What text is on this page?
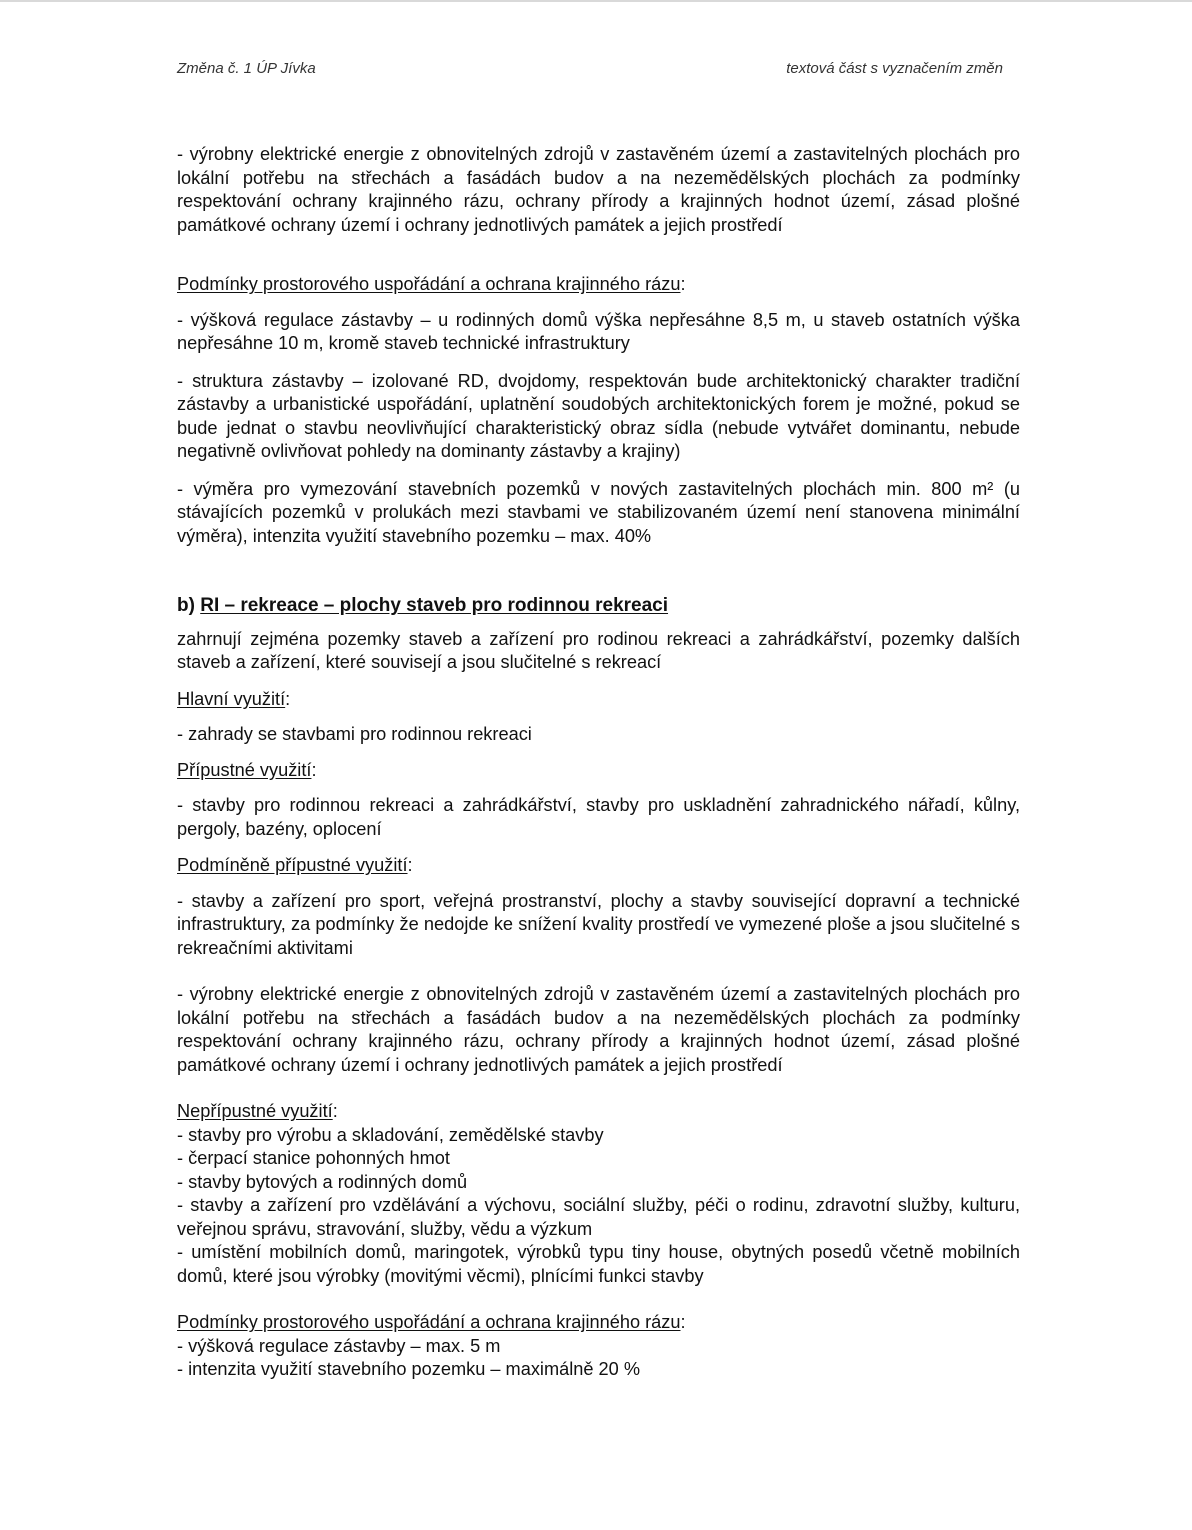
Změna č. 1 ÚP Jívka	textová část s vyznačením změn

- výrobny elektrické energie z obnovitelných zdrojů v zastavěném území a zastavitelných plochách pro lokální potřebu na střechách a fasádách budov a na nezemědělských plochách za podmínky respektování ochrany krajinného rázu, ochrany přírody a krajinných hodnot území, zásad plošné památkové ochrany území i ochrany jednotlivých památek a jejich prostředí

Podmínky prostorového uspořádání a ochrana krajinného rázu:

- výšková regulace zástavby – u rodinných domů výška nepřesáhne 8,5 m, u staveb ostatních výška nepřesáhne 10 m, kromě staveb technické infrastruktury

- struktura zástavby – izolované RD, dvojdomy, respektován bude architektonický charakter tradiční zástavby a urbanistické uspořádání, uplatnění soudobých architektonických forem je možné, pokud se bude jednat o stavbu neovlivňující charakteristický obraz sídla (nebude vytvářet dominantu, nebude negativně ovlivňovat pohledy na dominanty zástavby a krajiny)

- výměra pro vymezování stavebních pozemků v nových zastavitelných plochách min. 800 m² (u stávajících pozemků v prolukách mezi stavbami ve stabilizovaném území není stanovena minimální výměra), intenzita využití stavebního pozemku – max. 40%

b) RI – rekreace – plochy staveb pro rodinnou rekreaci

zahrnují zejména pozemky staveb a zařízení pro rodinou rekreaci a zahrádkářství, pozemky dalších staveb a zařízení, které souvisejí a jsou slučitelné s rekreací

Hlavní využití:

- zahrady se stavbami pro rodinnou rekreaci

Přípustné využití:

- stavby pro rodinnou rekreaci a zahrádkářství, stavby pro uskladnění zahradnického nářadí, kůlny, pergoly, bazény, oplocení

Podmíněně přípustné využití:

- stavby a zařízení pro sport, veřejná prostranství, plochy a stavby související dopravní a technické infrastruktury, za podmínky že nedojde ke snížení kvality prostředí ve vymezené ploše a jsou slučitelné s rekreačními aktivitami

- výrobny elektrické energie z obnovitelných zdrojů v zastavěném území a zastavitelných plochách pro lokální potřebu na střechách a fasádách budov a na nezemědělských plochách za podmínky respektování ochrany krajinného rázu, ochrany přírody a krajinných hodnot území, zásad plošné památkové ochrany území i ochrany jednotlivých památek a jejich prostředí

Nepřípustné využití:

- stavby pro výrobu a skladování, zemědělské stavby

- čerpací stanice pohonných hmot

- stavby bytových a rodinných domů

- stavby a zařízení pro vzdělávání a výchovu, sociální služby, péči o rodinu, zdravotní služby, kulturu, veřejnou správu, stravování, služby, vědu a výzkum

- umístění mobilních domů, maringotek, výrobků typu tiny house, obytných posedů včetně mobilních domů, které jsou výrobky (movitými věcmi), plnícími funkci stavby

Podmínky prostorového uspořádání a ochrana krajinného rázu:

- výšková regulace zástavby – max. 5 m

- intenzita využití stavebního pozemku – maximálně 20 %
